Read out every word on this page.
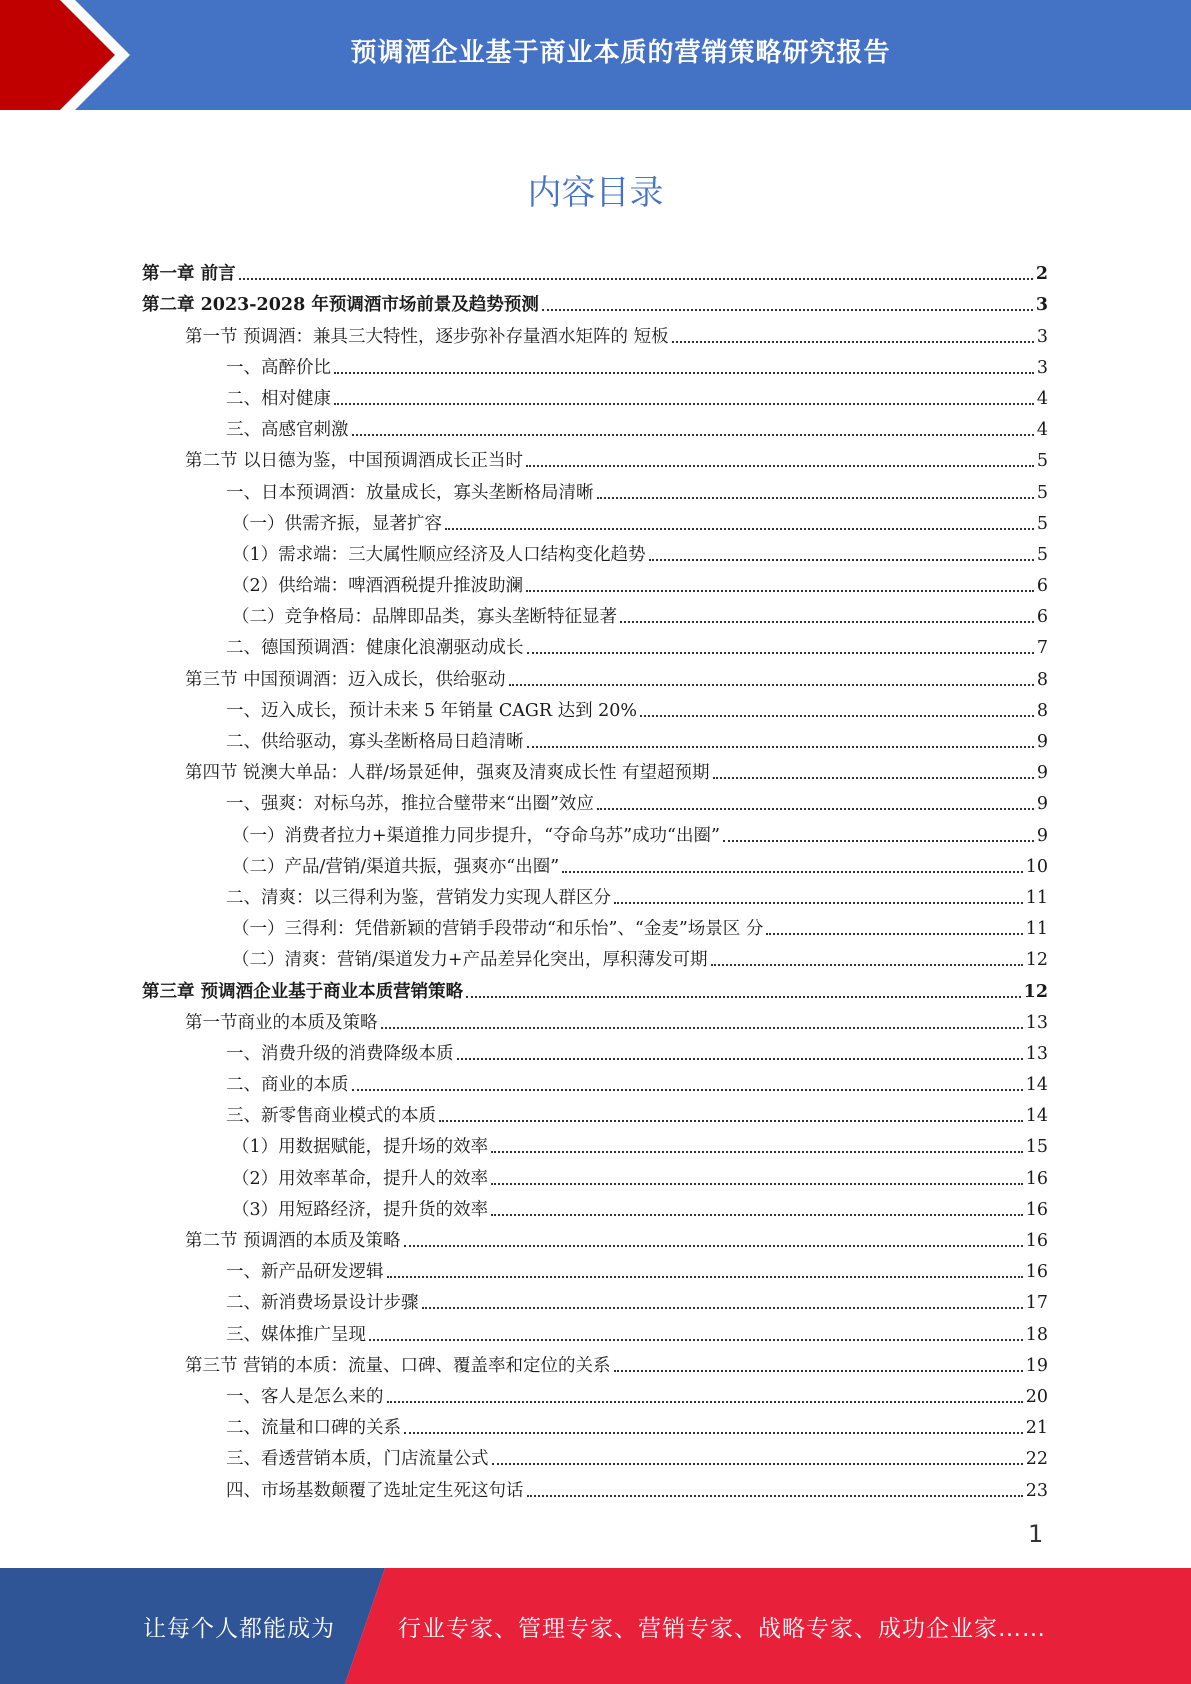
预调酒企业基于商业本质的营销策略研究报告
内容目录
第一章 前言	2
第二章 2023-2028 年预调酒市场前景及趋势预测	3
第一节 预调酒：兼具三大特性，逐步弥补存量酒水矩阵的 短板	3
一、高醉价比	3
二、相对健康	4
三、高感官刺激	4
第二节 以日德为鉴，中国预调酒成长正当时	5
一、日本预调酒：放量成长，寡头垄断格局清晰	5
（一）供需齐振，显著扩容	5
（1）需求端：三大属性顺应经济及人口结构变化趋势	5
（2）供给端：啤酒酒税提升推波助澜	6
（二）竞争格局：品牌即品类，寡头垄断特征显著	6
二、德国预调酒：健康化浪潮驱动成长	7
第三节 中国预调酒：迈入成长，供给驱动	8
一、迈入成长，预计未来 5 年销量 CAGR 达到 20%	8
二、供给驱动，寡头垄断格局日趋清晰	9
第四节 锐澳大单品：人群/场景延伸，强爽及清爽成长性 有望超预期	9
一、强爽：对标乌苏，推拉合璧带来“出圈”效应	9
（一）消费者拉力+渠道推力同步提升，“夺命乌苏”成功“出圈”	9
（二）产品/营销/渠道共振，强爽亦“出圈”	10
二、清爽：以三得利为鉴，营销发力实现人群区分	11
（一）三得利：凭借新颖的营销手段带动“和乐怡”、“金麦”场景区 分	11
（二）清爽：营销/渠道发力+产品差异化突出，厚积薄发可期	12
第三章 预调酒企业基于商业本质营销策略	12
第一节商业的本质及策略	13
一、消费升级的消费降级本质	13
二、商业的本质	14
三、新零售商业模式的本质	14
（1）用数据赋能，提升场的效率	15
（2）用效率革命，提升人的效率	16
（3）用短路经济，提升货的效率	16
第二节 预调酒的本质及策略	16
一、新产品研发逻辑	16
二、新消费场景设计步骤	17
三、媒体推广呈现	18
第三节 营销的本质：流量、口碑、覆盖率和定位的关系	19
一、客人是怎么来的	20
二、流量和口碑的关系	21
三、看透营销本质，门店流量公式	22
四、市场基数颠覆了选址定生死这句话	23
1
让每个人都能成为	行业专家、管理专家、营销专家、战略专家、成功企业家……
